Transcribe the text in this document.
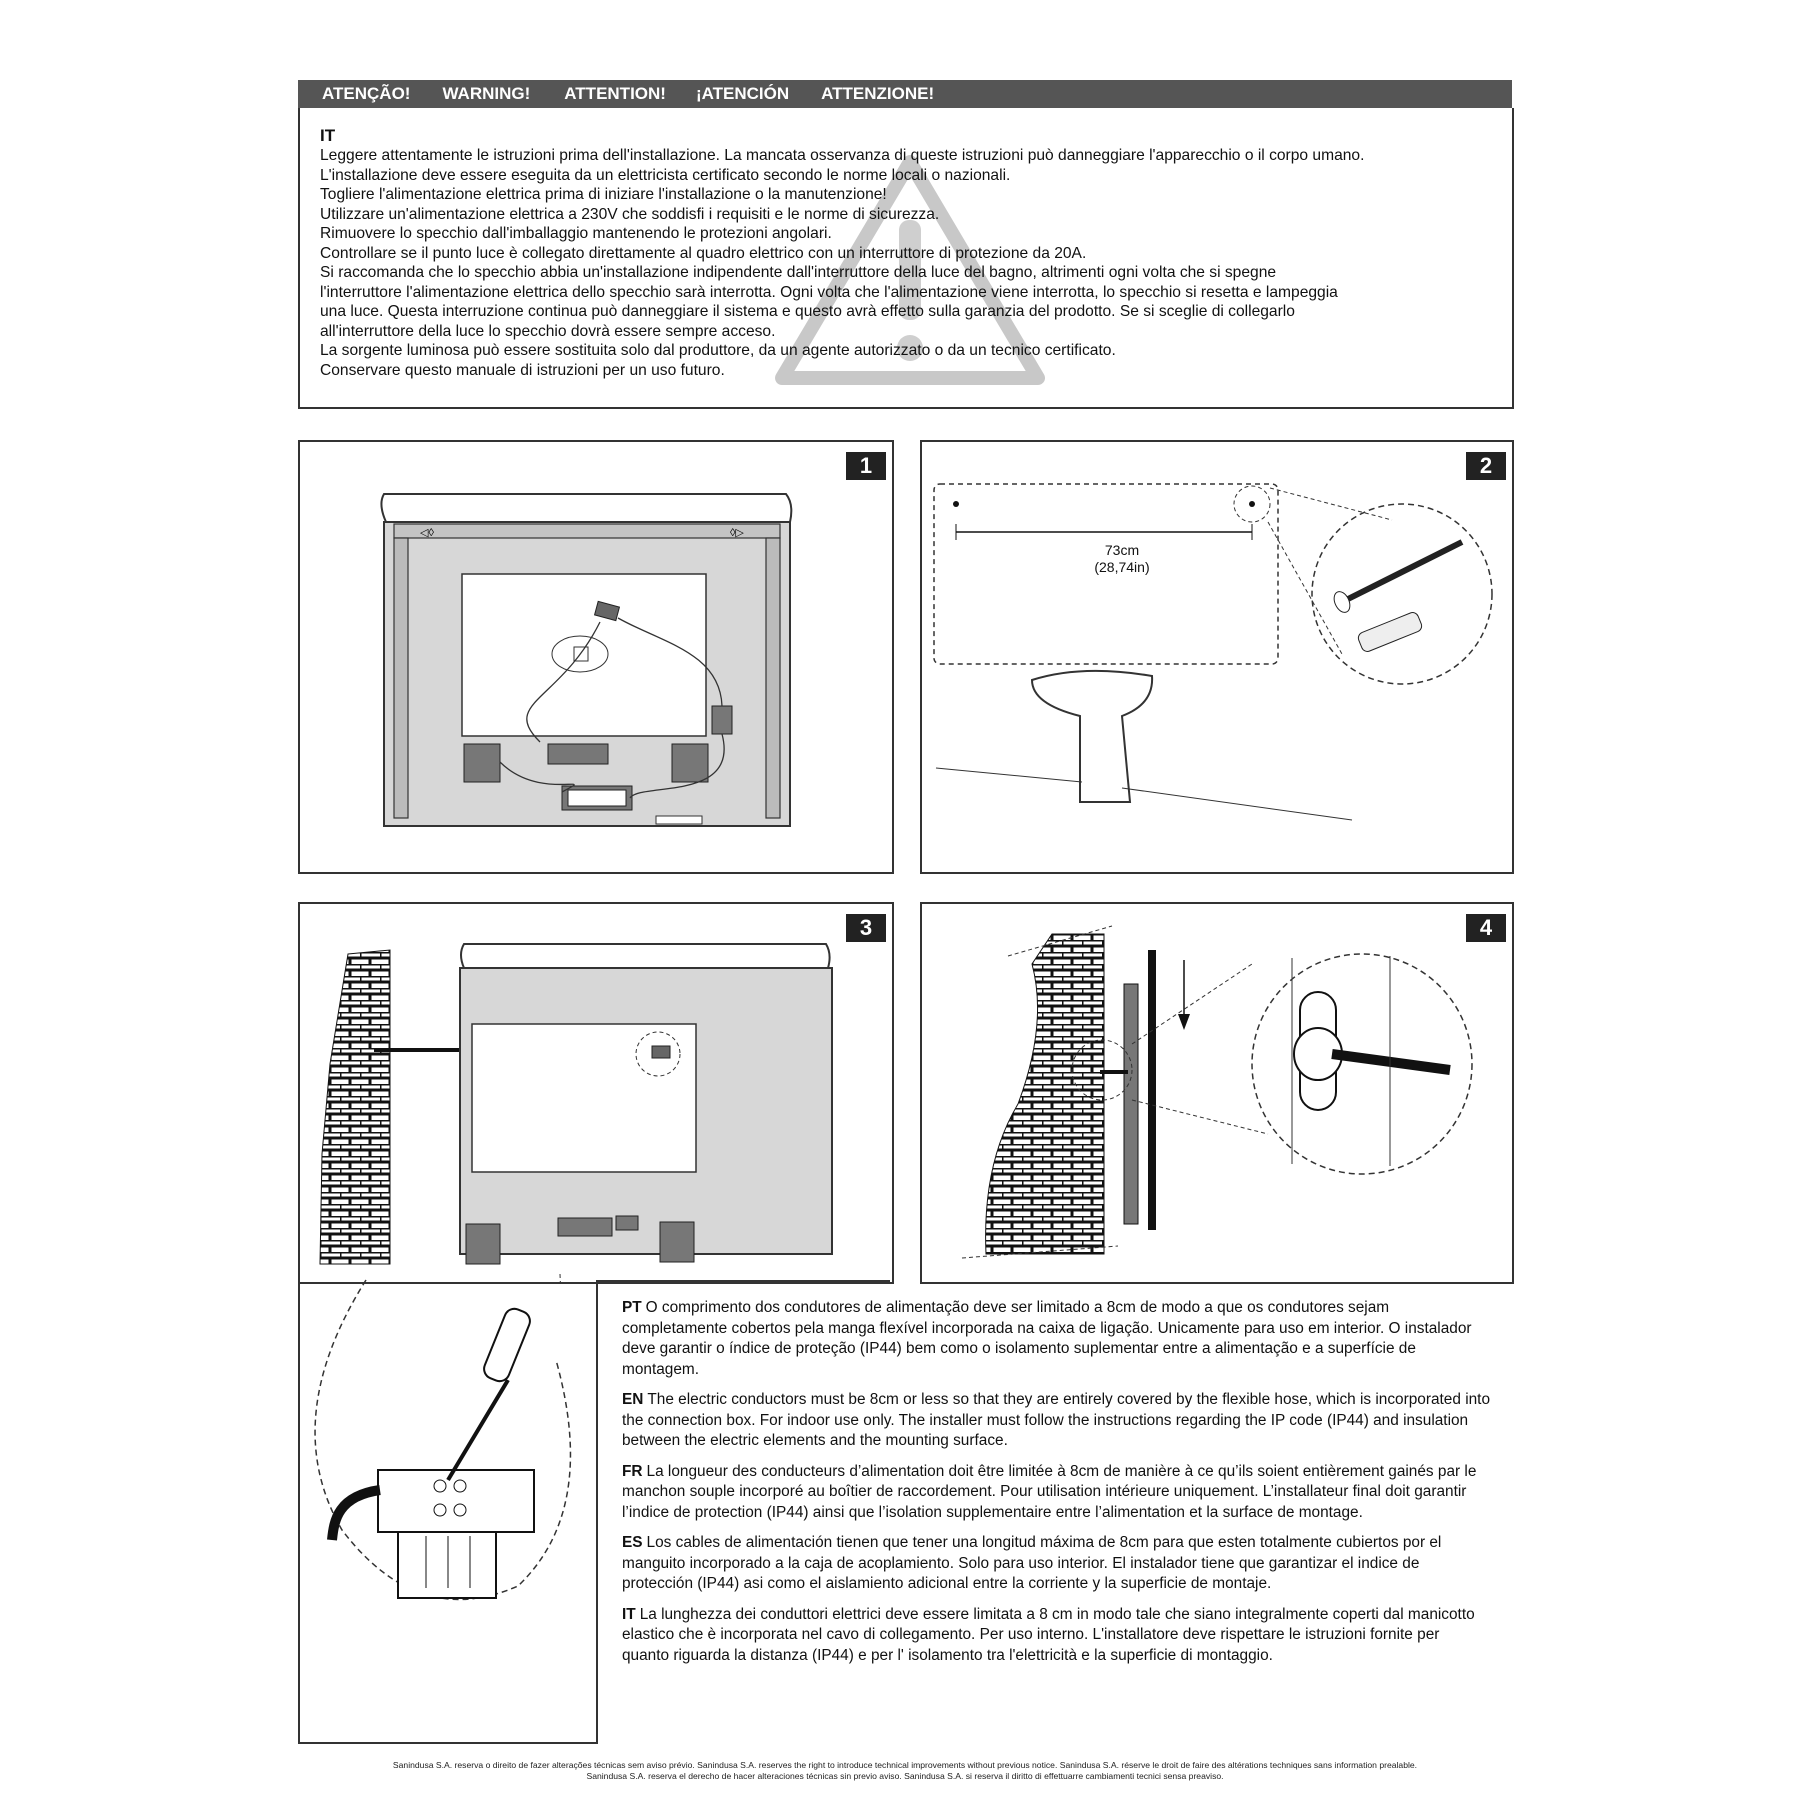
ATENÇÃO! WARNING! ATTENTION! ¡ATENCIÓN ATTENZIONE!
IT
Leggere attentamente le istruzioni prima dell'installazione. La mancata osservanza di queste istruzioni può danneggiare l'apparecchio o il corpo umano.
L'installazione deve essere eseguita da un elettricista certificato secondo le norme locali o nazionali.
Togliere l'alimentazione elettrica prima di iniziare l'installazione o la manutenzione!
Utilizzare un'alimentazione elettrica a 230V che soddisfi i requisiti e le norme di sicurezza.
Rimuovere lo specchio dall'imballaggio mantenendo le protezioni angolari.
Controllare se il punto luce è collegato direttamente al quadro elettrico con un interruttore di protezione da 20A.
Si raccomanda che lo specchio abbia un'installazione indipendente dall'interruttore della luce del bagno, altrimenti ogni volta che si spegne
l'interruttore l'alimentazione elettrica dello specchio sarà interrotta. Ogni volta che l'alimentazione viene interrotta, lo specchio si resetta e lampeggia
una luce. Questa interruzione continua può danneggiare il sistema e questo avrà effetto sulla garanzia del prodotto. Se si sceglie di collegarlo
all'interruttore della luce lo specchio dovrà essere sempre acceso.
La sorgente luminosa può essere sostituita solo dal produttore, da un agente autorizzato o da un tecnico certificato.
Conservare questo manuale di istruzioni per un uso futuro.
1
◁◊	◊▷
2
73cm
(28,74in)
3	4
PT O comprimento dos condutores de alimentação deve ser limitado a 8cm de modo a que os condutores sejam completamente cobertos pela manga flexível incorporada na caixa de ligação. Unicamente para uso em interior. O instalador deve garantir o índice de proteção (IP44) bem como o isolamento suplementar entre a alimentação e a superfície de montagem.
EN The electric conductors must be 8cm or less so that they are entirely covered by the flexible hose, which is incorporated into the connection box. For indoor use only. The installer must follow the instructions regarding the IP code (IP44) and insulation between the electric elements and the mounting surface.
FR La longueur des conducteurs d’alimentation doit être limitée à 8cm de manière à ce qu’ils soient entièrement gainés par le manchon souple incorporé au boîtier de raccordement. Pour utilisation intérieure uniquement. L’installateur final doit garantir l’indice de protection (IP44) ainsi que l’isolation supplementaire entre l’alimentation et la surface de montage.
ES Los cables de alimentación tienen que tener una longitud máxima de 8cm para que esten totalmente cubiertos por el manguito incorporado a la caja de acoplamiento. Solo para uso interior. El instalador tiene que garantizar el indice de protección (IP44) asi como el aislamiento adicional entre la corriente y la superficie de montaje.
IT La lunghezza dei conduttori elettrici deve essere limitata a 8 cm in modo tale che siano integralmente coperti dal manicotto elastico che è incorporata nel cavo di collegamento. Per uso interno. L'installatore deve rispettare le istruzioni fornite per quanto riguarda la distanza (IP44) e per l' isolamento tra l'elettricità e la superficie di montaggio.
Sanindusa S.A. reserva o direito de fazer alterações técnicas sem aviso prévio. Sanindusa S.A. reserves the right to introduce technical improvements without previous notice. Sanindusa S.A. réserve le droit de faire des altérations techniques sans information prealable.
Sanindusa S.A. reserva el derecho de hacer alteraciones técnicas sin previo aviso. Sanindusa S.A. si reserva il diritto di effettuarre cambiamenti tecnici sensa preaviso.
